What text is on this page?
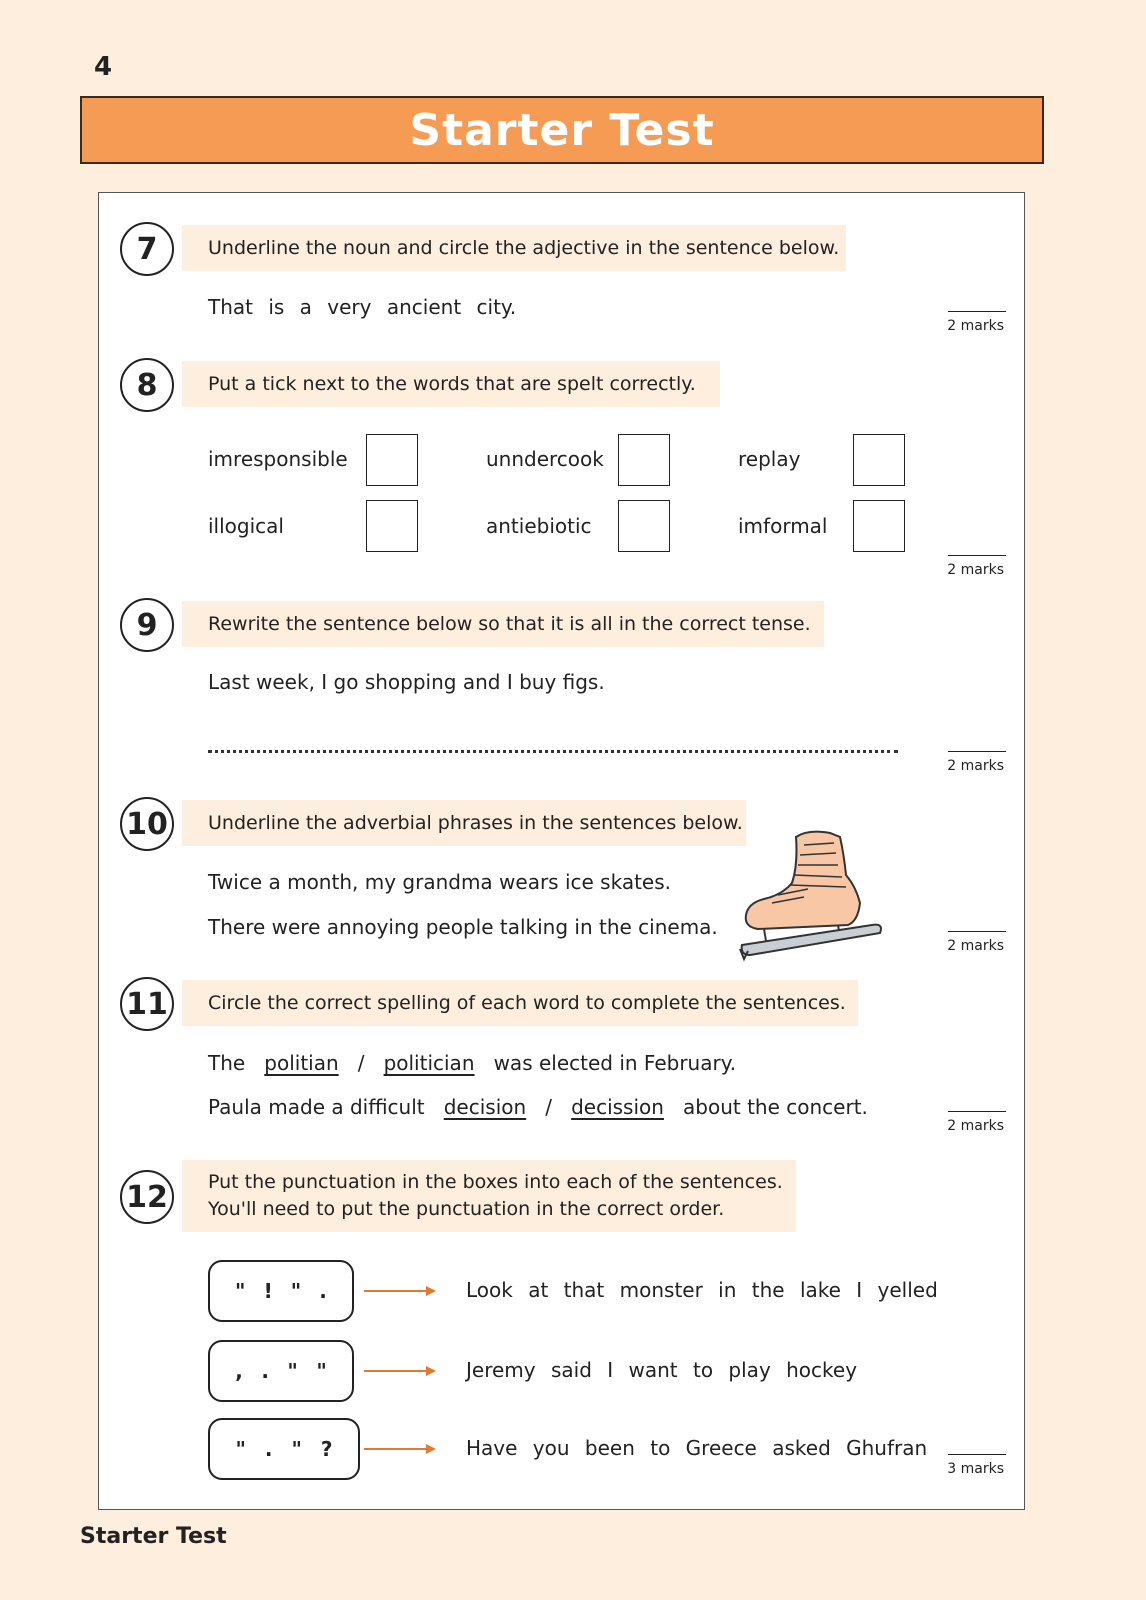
4
Starter Test
7	Underline the noun and circle the adjective in the sentence below.
That is a very ancient city.
2 marks
8	Put a tick next to the words that are spelt correctly.
imresponsible	unndercook	replay
illogical	antiebiotic	imformal
2 marks
9	Rewrite the sentence below so that it is all in the correct tense.
Last week, I go shopping and I buy figs.
2 marks
10	Underline the adverbial phrases in the sentences below.
Twice a month, my grandma wears ice skates.
There were annoying people talking in the cinema.
2 marks
11	Circle the correct spelling of each word to complete the sentences.
The politian / politician was elected in February.
Paula made a difficult decision / decission about the concert.
2 marks
12	Put the punctuation in the boxes into each of the sentences.
You'll need to put the punctuation in the correct order.
" ! " .	Look at that monster in the lake I yelled
, . " "	Jeremy said I want to play hockey
" . " ?	Have you been to Greece asked Ghufran
3 marks
Starter Test
